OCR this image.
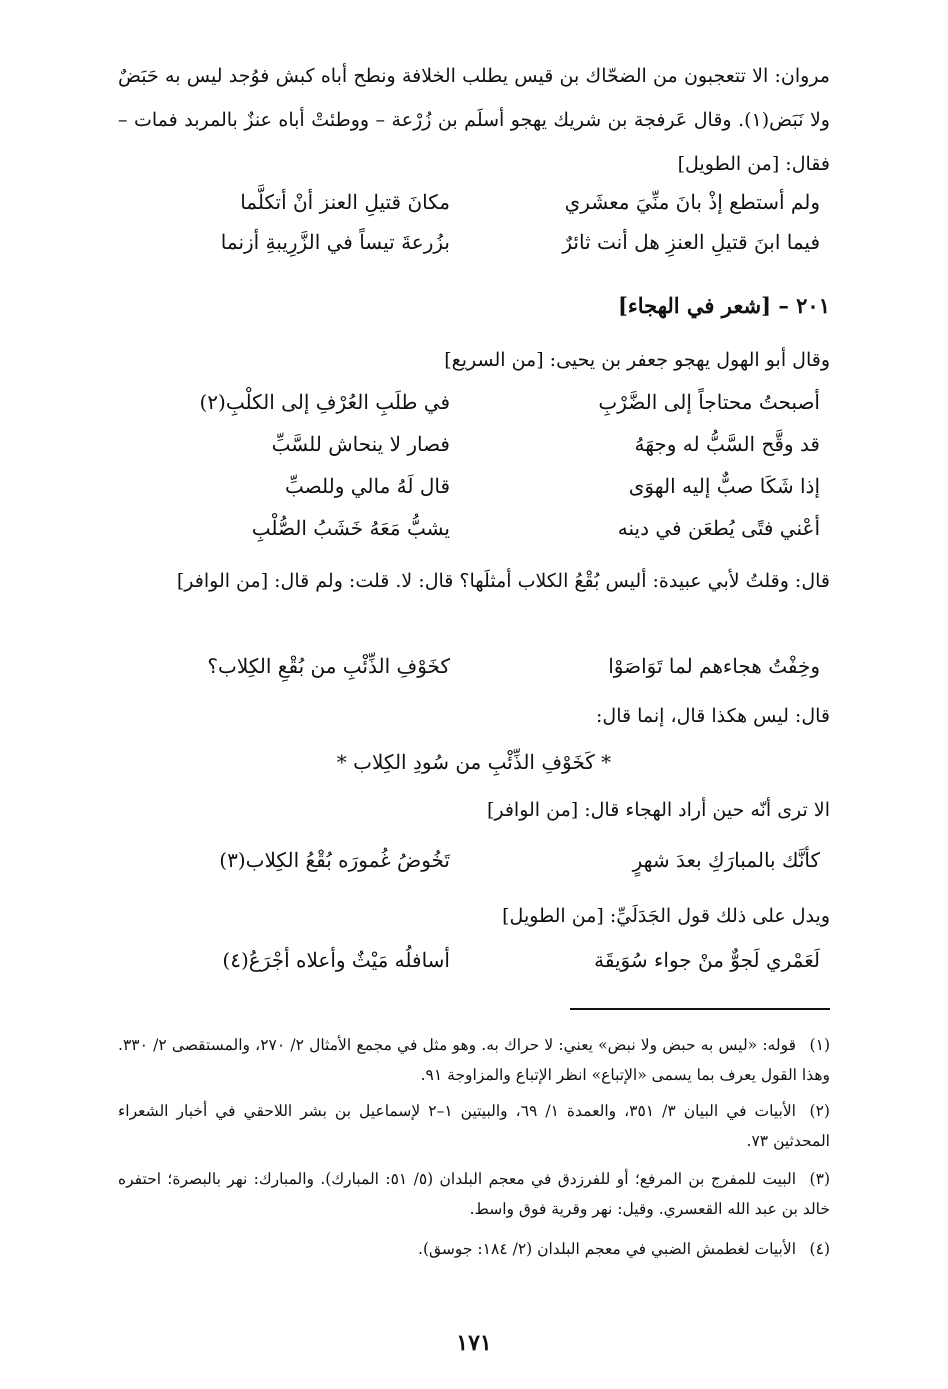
مروان: الا تتعجبون من الضحّاك بن قيس يطلب الخلافة ونطح أباه كبش فوُجد ليس به حَبَضٌ ولا نَبَض(١). وقال عَرفجة بن شريك يهجو أسلَم بن زُرْعة – ووطئتْ أباه عنزٌ بالمربد فمات – فقال: [من الطويل]
ولم أستطع إذْ بانَ منِّيَ معشَري
مكانَ قتيلِ العنز أنْ أتكلَّما
فيما ابنَ قتيلِ العنزِ هل أنت ثائرٌ
بزُرعةَ تيساً في الزَّرِيبةِ أزنما
٢٠١ – [شعر في الهجاء]
وقال أبو الهول يهجو جعفر بن يحيى: [من السريع]
أصبحتُ محتاجاً إلى الضَّرْبِ
في طلَبِ العُرْفِ إلى الكلْبِ(٢)
قد وقَّح السَّبُّ له وجهَهُ
فصار لا ينحاش للسَّبِّ
إذا شَكَا صبٌّ إليه الهوَى
قال لَهُ مالي وللصبِّ
أعْني فتًى يُطعَن في دينه
يشبُّ مَعَهُ خَشَبُ الصُّلْبِ
قال: وقلتُ لأبي عبيدة: أليس بُقْعُ الكلاب أمثلَها؟ قال: لا. قلت: ولم قال: [من الوافر]
وخِفْتُ هجاءهم لما تَوَاصَوْا
كخَوْفِ الذِّئْبِ من بُقْعِ الكِلاب؟
قال: ليس هكذا قال، إنما قال:
* كَخَوْفِ الذِّئْبِ من سُودِ الكِلاب *
الا ترى أنّه حين أراد الهجاء قال: [من الوافر]
كأنَّك بالمبارَكِ بعدَ شهرٍ
تَخُوضُ غُمورَه بُقْعُ الكِلاب(٣)
ويدل على ذلك قول الجَدَلَيِّ: [من الطويل]
لَعَمْري لَجوٌّ منْ جواء سُوَيقَة
أسافلُه مَيْثٌ وأعلاه أجْرَعُ(٤)
(١)قوله: «ليس به حبض ولا نبض» يعني: لا حراك به. وهو مثل في مجمع الأمثال ٢/ ٢٧٠، والمستقصى ٢/ ٣٣٠. وهذا القول يعرف بما يسمى «الإتباع» انظر الإتباع والمزاوجة ٩١.
(٢)الأبيات في البيان ٣/ ٣٥١، والعمدة ١/ ٦٩، والبيتين ١–٢ لإسماعيل بن بشر اللاحقي في أخبار الشعراء المحدثين ٧٣.
(٣)البيت للمفرج بن المرفع؛ أو للفرزدق في معجم البلدان (٥/ ٥١: المبارك). والمبارك: نهر بالبصرة؛ احتفره خالد بن عبد الله القعسري. وقيل: نهر وقرية فوق واسط.
(٤)الأبيات لغطمش الضبي في معجم البلدان (٢/ ١٨٤: جوسق).
١٧١
